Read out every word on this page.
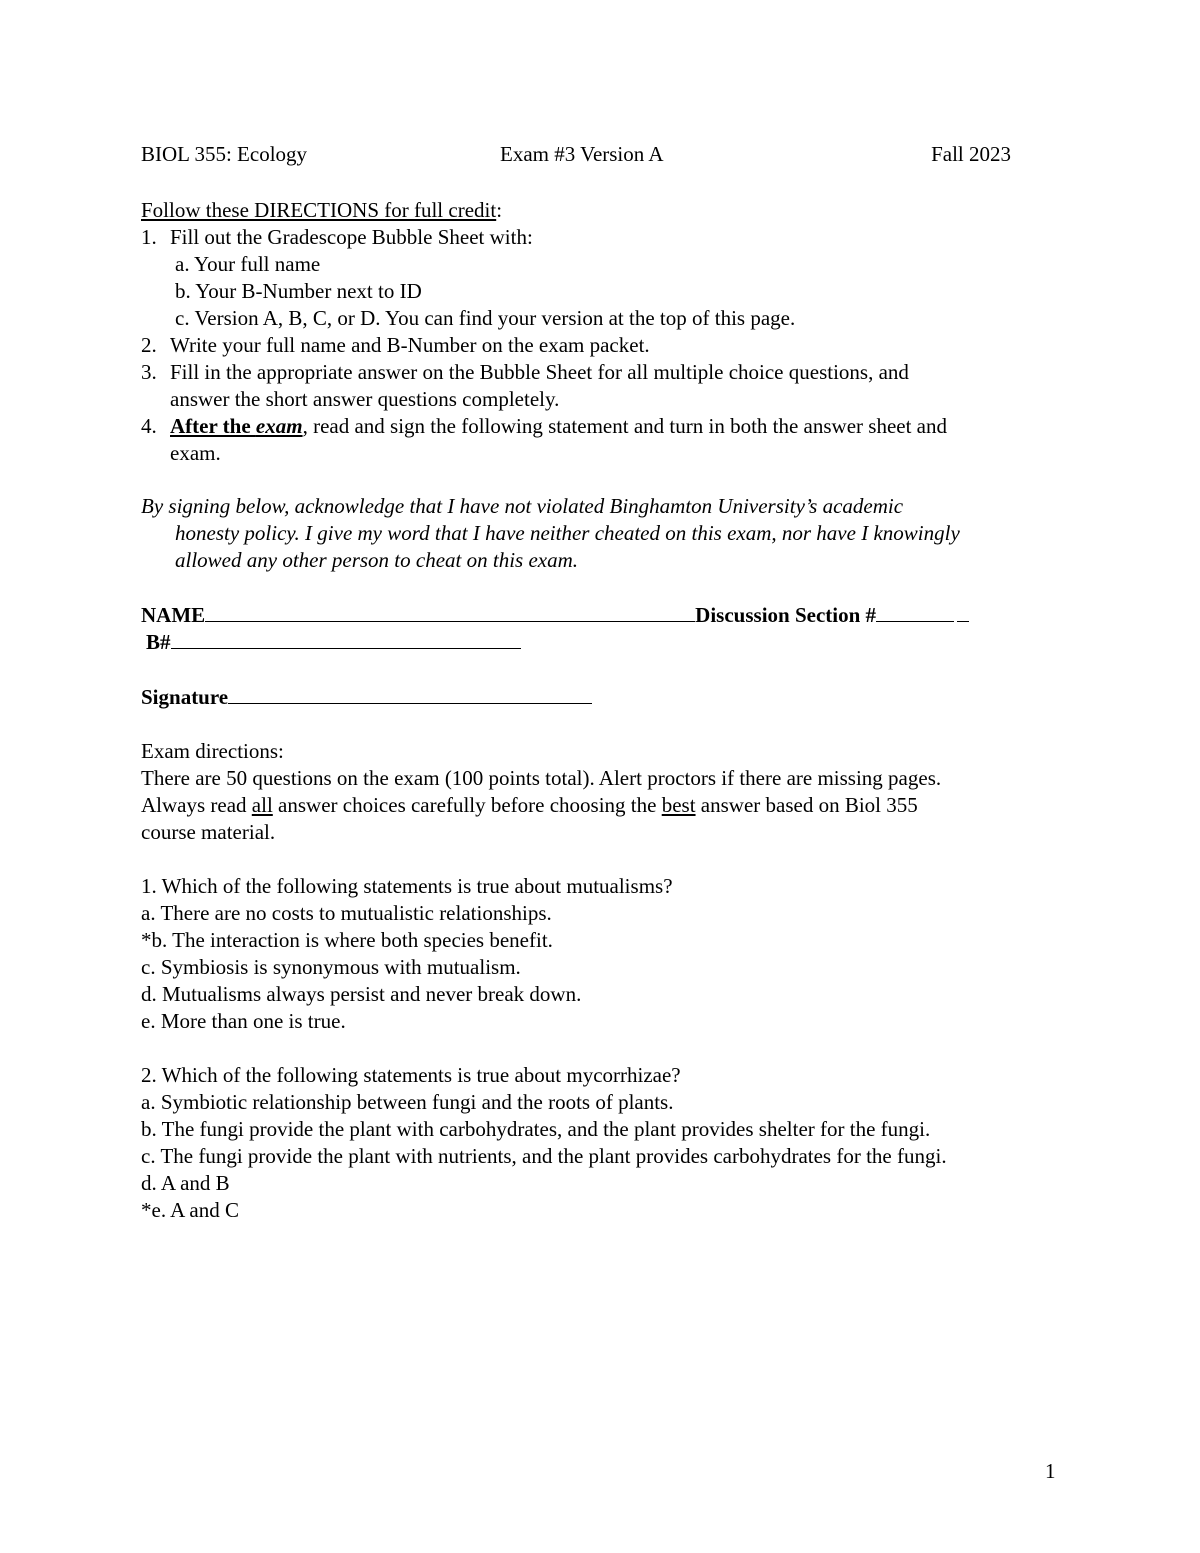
BIOL 355: Ecology	Exam #3 Version A	Fall 2023
Follow these DIRECTIONS for full credit:
1. Fill out the Gradescope Bubble Sheet with:
a. Your full name
b. Your B-Number next to ID
c. Version A, B, C, or D. You can find your version at the top of this page.
2. Write your full name and B-Number on the exam packet.
3. Fill in the appropriate answer on the Bubble Sheet for all multiple choice questions, and
answer the short answer questions completely.
4. After the exam, read and sign the following statement and turn in both the answer sheet and
exam.
By signing below, acknowledge that I have not violated Binghamton University’s academic
honesty policy. I give my word that I have neither cheated on this exam, nor have I knowingly
allowed any other person to cheat on this exam.
NAME	Discussion Section #
B#
Signature
Exam directions:
There are 50 questions on the exam (100 points total). Alert proctors if there are missing pages.
Always read all answer choices carefully before choosing the best answer based on Biol 355
course material.
1. Which of the following statements is true about mutualisms?
a. There are no costs to mutualistic relationships.
*b. The interaction is where both species benefit.
c. Symbiosis is synonymous with mutualism.
d. Mutualisms always persist and never break down.
e. More than one is true.
2. Which of the following statements is true about mycorrhizae?
a. Symbiotic relationship between fungi and the roots of plants.
b. The fungi provide the plant with carbohydrates, and the plant provides shelter for the fungi.
c. The fungi provide the plant with nutrients, and the plant provides carbohydrates for the fungi.
d. A and B
*e. A and C
1
